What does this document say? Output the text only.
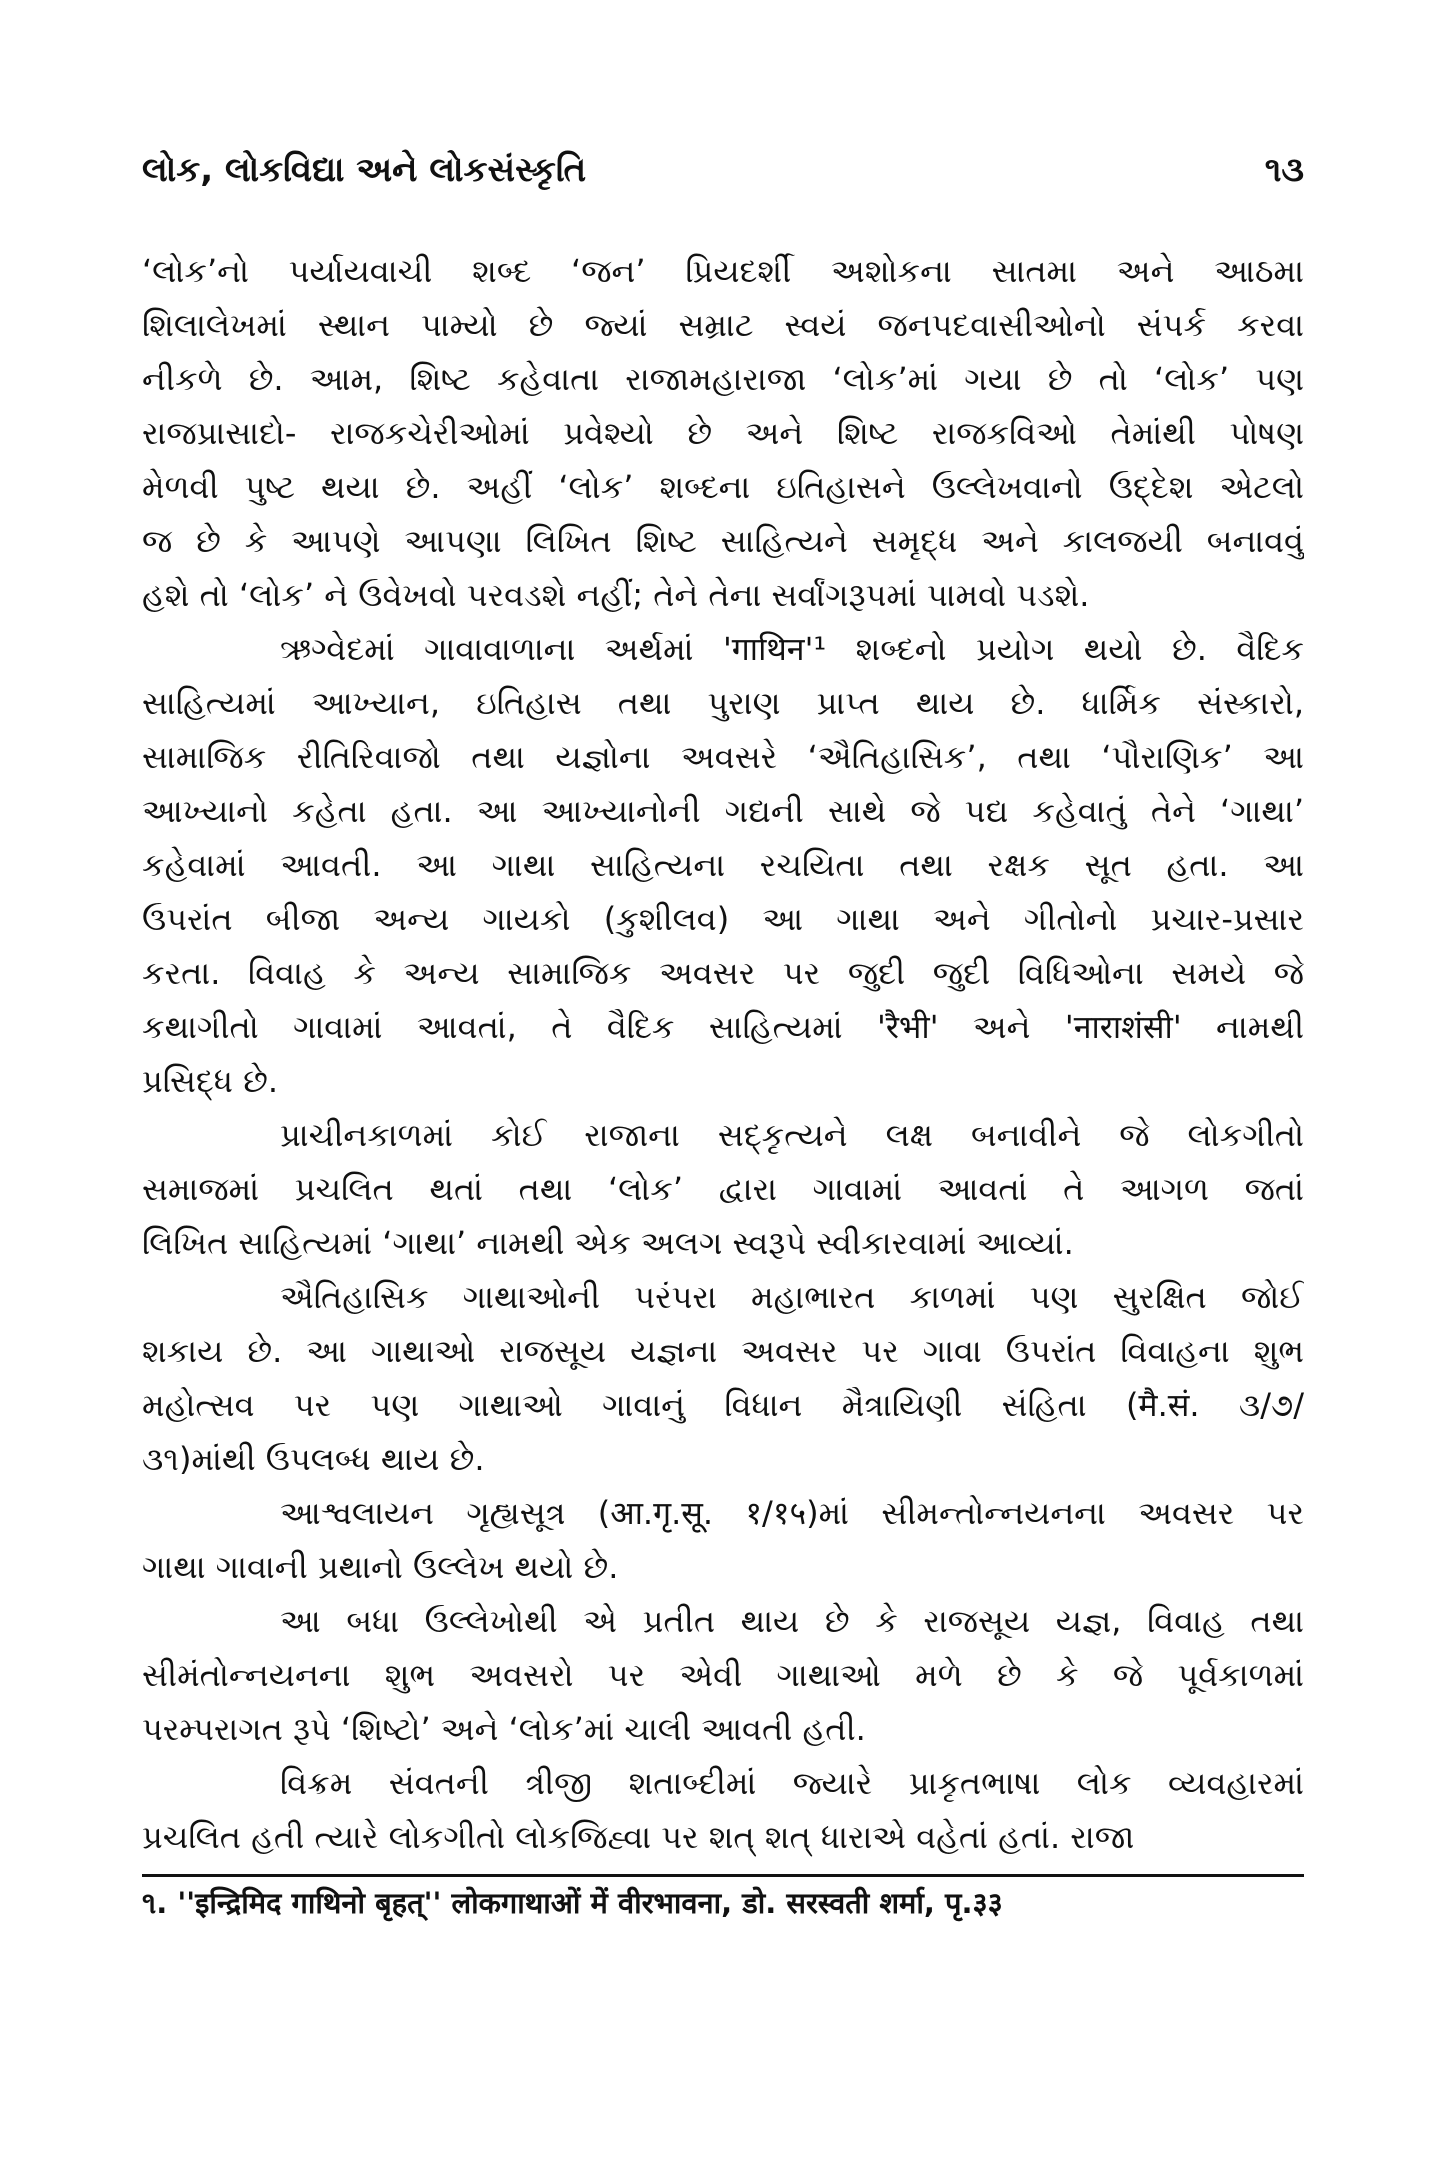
લોક, લોકવિદ્યા અને લોકસંસ્કૃતિ	૧૩
‘લોક’નો પર્યાયવાચી શબ્દ ‘જન’ પ્રિયદર્શી અશોકના સાતમા અને આઠમા
શિલાલેખમાં સ્થાન પામ્યો છે જ્યાં સમ્રાટ સ્વયં જનપદવાસીઓનો સંપર્ક કરવા
નીકળે છે. આમ, શિષ્ટ કહેવાતા રાજામહારાજા ‘લોક’માં ગયા છે તો ‘લોક’ પણ
રાજપ્રાસાદો- રાજકચેરીઓમાં પ્રવેશ્યો છે અને શિષ્ટ રાજકવિઓ તેમાંથી પોષણ
મેળવી પુષ્ટ થયા છે. અહીં ‘લોક’ શબ્દના ઇતિહાસને ઉલ્લેખવાનો ઉદ્દેશ એટલો
જ છે કે આપણે આપણા લિખિત શિષ્ટ સાહિત્યને સમૃદ્ધ અને કાલજયી બનાવવું
હશે તો ‘લોક’ ને ઉવેખવો પરવડશે નહીં; તેને તેના સર્વાંગરૂપમાં પામવો પડશે.
ઋગ્વેદમાં ગાવાવાળાના અર્થમાં 'गाथिन'¹ શબ્દનો પ્રયોગ થયો છે. વૈદિક
સાહિત્યમાં આખ્યાન, ઇતિહાસ તથા પુરાણ પ્રાપ્ત થાય છે. ધાર્મિક સંસ્કારો,
સામાજિક રીતિરિવાજો તથા યજ્ઞોના અવસરે ‘ઐતિહાસિક’, તથા ‘પૌરાણિક’ આ
આખ્યાનો કહેતા હતા. આ આખ્યાનોની ગદ્યની સાથે જે પદ્ય કહેવાતું તેને ‘ગાથા’
કહેવામાં આવતી. આ ગાથા સાહિત્યના રચયિતા તથા રક્ષક સૂત હતા. આ
ઉપરાંત બીજા અન્ય ગાયકો (કુશીલવ) આ ગાથા અને ગીતોનો પ્રચાર-પ્રસાર
કરતા. વિવાહ કે અન્ય સામાજિક અવસર પર જુદી જુદી વિધિઓના સમયે જે
કથાગીતો ગાવામાં આવતાં, તે વૈદિક સાહિત્યમાં 'रैभी' અને 'नाराशंसी' નામથી
પ્રસિદ્ધ છે.
પ્રાચીનકાળમાં કોઈ રાજાના સદ્કૃત્યને લક્ષ બનાવીને જે લોકગીતો
સમાજમાં પ્રચલિત થતાં તથા ‘લોક’ દ્વારા ગાવામાં આવતાં તે આગળ જતાં
લિખિત સાહિત્યમાં ‘ગાથા’ નામથી એક અલગ સ્વરૂપે સ્વીકારવામાં આવ્યાં.
ઐતિહાસિક ગાથાઓની પરંપરા મહાભારત કાળમાં પણ સુરક્ષિત જોઈ
શકાય છે. આ ગાથાઓ રાજસૂય યજ્ઞના અવસર પર ગાવા ઉપરાંત વિવાહના શુભ
મહોત્સવ પર પણ ગાથાઓ ગાવાનું વિધાન મૈત્રાયિણી સંહિતા (मै.सं. ૩/૭/
૩૧)માંથી ઉપલબ્ધ થાય છે.
આશ્વલાયન ગૃહ્યસૂત્ર (आ.गृ.सू. १/१५)માં સીમન્તોન્નયનના અવસર પર
ગાથા ગાવાની પ્રથાનો ઉલ્લેખ થયો છે.
આ બધા ઉલ્લેખોથી એ પ્રતીત થાય છે કે રાજસૂય યજ્ઞ, વિવાહ તથા
સીમંતોન્નયનના શુભ અવસરો પર એવી ગાથાઓ મળે છે કે જે પૂર્વકાળમાં
પરમ્પરાગત રૂપે ‘શિષ્ટો’ અને ‘લોક’માં ચાલી આવતી હતી.
વિક્રમ સંવતની ત્રીજી શતાબ્દીમાં જ્યારે પ્રાકૃતભાષા લોક વ્યવહારમાં
પ્રચલિત હતી ત્યારે લોકગીતો લોકજિહ્વા પર શત્ શત્ ધારાએ વહેતાં હતાં. રાજા
૧. ''इन्द्रिमिद गाथिनो बृहत्'' लोकगाथाओं में वीरभावना, डो. सरस्वती शर्मा, पृ.३३
